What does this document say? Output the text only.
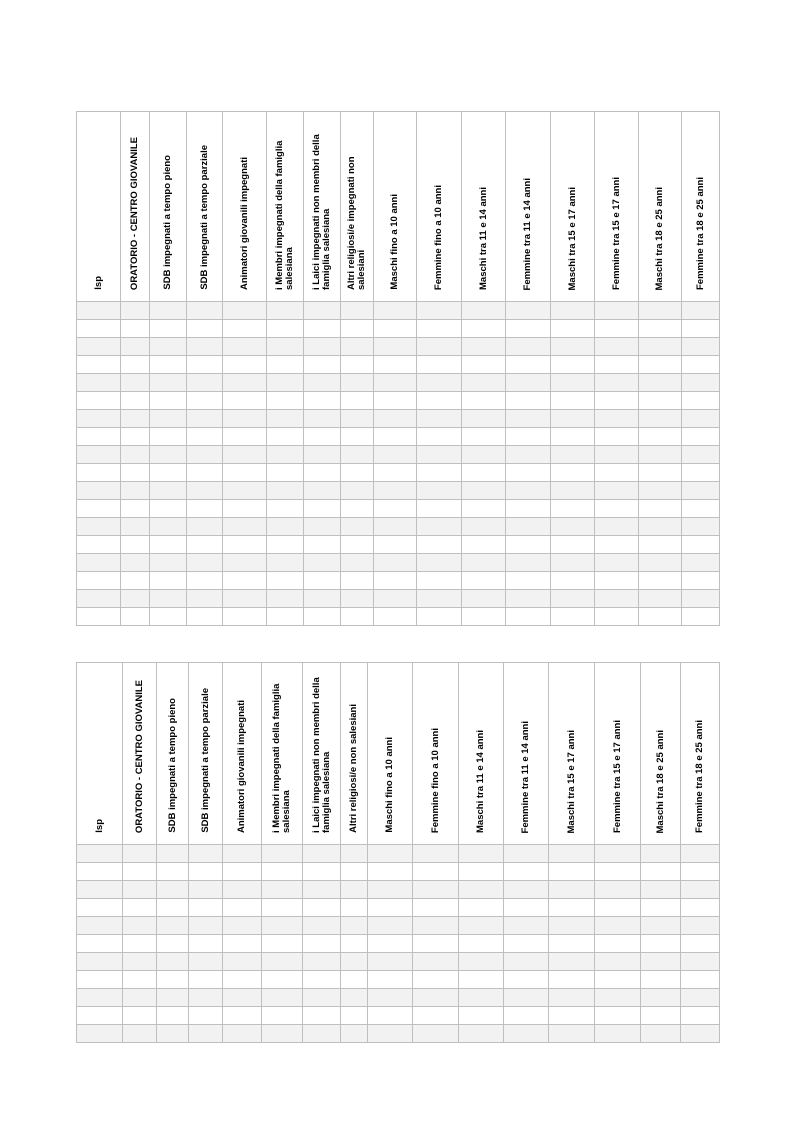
Isp	ORATORIO - CENTRO GIOVANILE	SDB impegnati a tempo pieno	SDB impegnati a tempo parziale	Animatori giovanili impegnati	i Membri impegnati della famiglia salesiana	i Laici impegnati non membri della famiglia salesiana	Altri religiosi/e impegnati non salesiani	Maschi fino a 10 anni	Femmine fino a 10 anni	Maschi tra 11 e 14 anni	Femmine tra 11 e 14 anni	Maschi tra 15 e 17 anni	Femmine tra 15 e 17 anni	Maschi tra 18 e 25 anni	Femmine tra 18 e 25 anni

Isp	ORATORIO - CENTRO GIOVANILE	SDB impegnati a tempo pieno	SDB impegnati a tempo parziale	Animatori giovanili impegnati	i Membri impegnati della famiglia salesiana	i Laici impegnati non membri della famiglia salesiana	Altri religiosi/e non salesiani	Maschi fino a 10 anni	Femmine fino a 10 anni	Maschi tra 11 e 14 anni	Femmine tra 11 e 14 anni	Maschi tra 15 e 17 anni	Femmine tra 15 e 17 anni	Maschi tra 18 e 25 anni	Femmine tra 18 e 25 anni
